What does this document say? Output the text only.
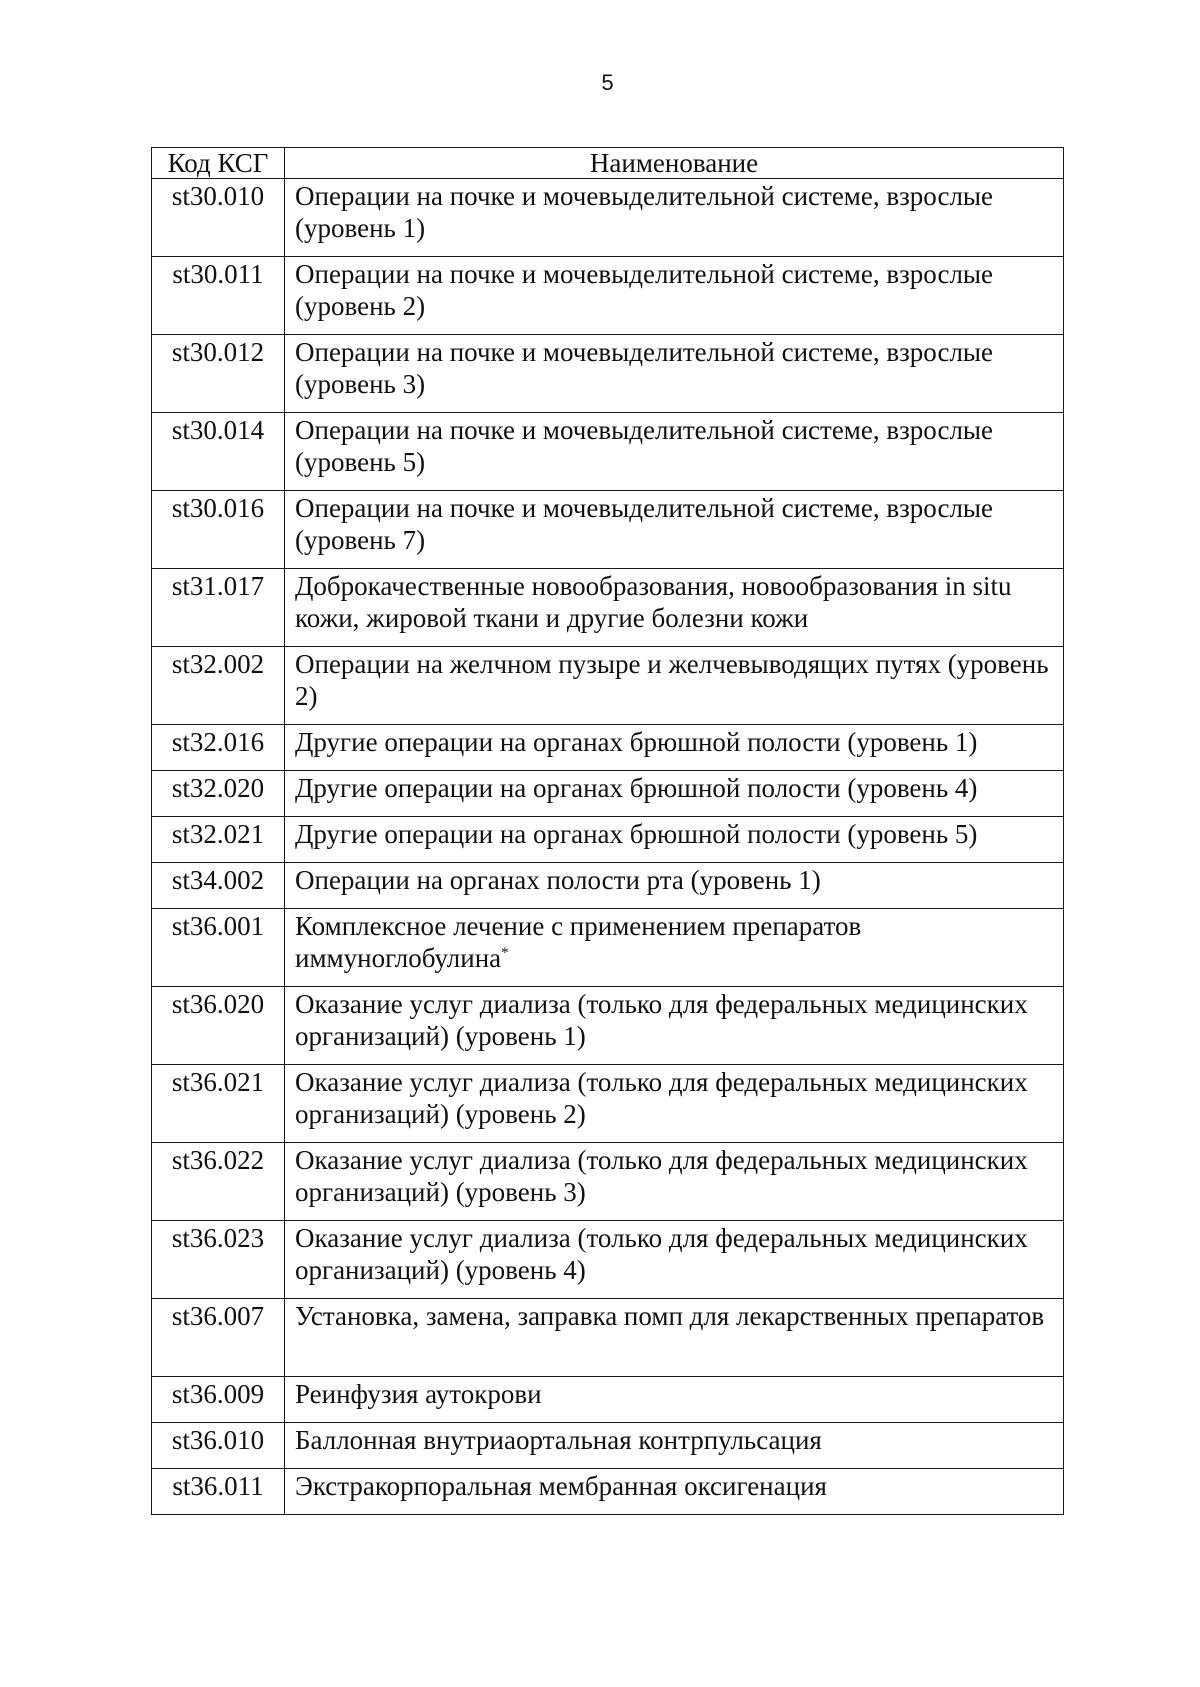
5
Код КСГ	Наименование
st30.010	Операции на почке и мочевыделительной системе, взрослые (уровень 1)
st30.011	Операции на почке и мочевыделительной системе, взрослые (уровень 2)
st30.012	Операции на почке и мочевыделительной системе, взрослые (уровень 3)
st30.014	Операции на почке и мочевыделительной системе, взрослые (уровень 5)
st30.016	Операции на почке и мочевыделительной системе, взрослые (уровень 7)
st31.017	Доброкачественные новообразования, новообразования in situ кожи, жировой ткани и другие болезни кожи
st32.002	Операции на желчном пузыре и желчевыводящих путях (уровень 2)
st32.016	Другие операции на органах брюшной полости (уровень 1)
st32.020	Другие операции на органах брюшной полости (уровень 4)
st32.021	Другие операции на органах брюшной полости (уровень 5)
st34.002	Операции на органах полости рта (уровень 1)
st36.001	Комплексное лечение с применением препаратов иммуноглобулина*
st36.020	Оказание услуг диализа (только для федеральных медицинских организаций) (уровень 1)
st36.021	Оказание услуг диализа (только для федеральных медицинских организаций) (уровень 2)
st36.022	Оказание услуг диализа (только для федеральных медицинских организаций) (уровень 3)
st36.023	Оказание услуг диализа (только для федеральных медицинских организаций) (уровень 4)
st36.007	Установка, замена, заправка помп для лекарственных препаратов
st36.009	Реинфузия аутокрови
st36.010	Баллонная внутриаортальная контрпульсация
st36.011	Экстракорпоральная мембранная оксигенация
